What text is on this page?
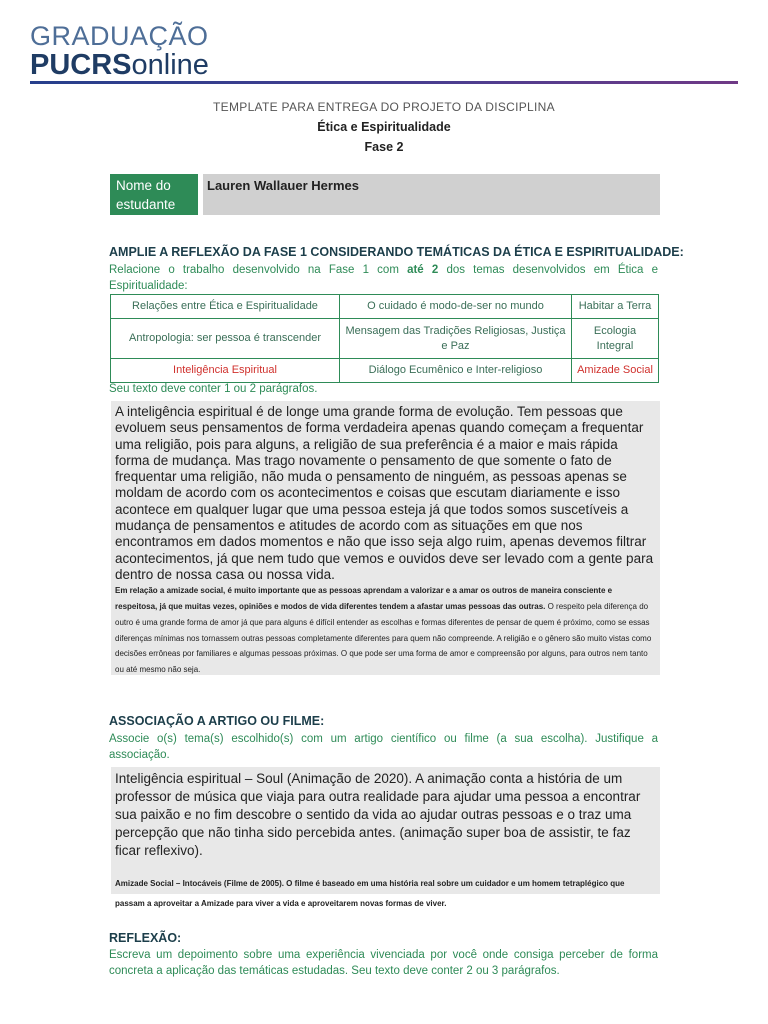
GRADUAÇÃO
PUCRSonline
TEMPLATE PARA ENTREGA DO PROJETO DA DISCIPLINA
Ética e Espiritualidade
Fase 2
Nome do estudante
Lauren Wallauer Hermes
AMPLIE A REFLEXÃO DA FASE 1 CONSIDERANDO TEMÁTICAS DA ÉTICA E ESPIRITUALIDADE:
Relacione o trabalho desenvolvido na Fase 1 com até 2 dos temas desenvolvidos em Ética e Espiritualidade:
Relações entre Ética e Espiritualidade	O cuidado é modo-de-ser no mundo	Habitar a Terra
Antropologia: ser pessoa é transcender	Mensagem das Tradições Religiosas, Justiça e Paz	Ecologia Integral
Inteligência Espiritual	Diálogo Ecumênico e Inter-religioso	Amizade Social
Seu texto deve conter 1 ou 2 parágrafos.
A inteligência espiritual é de longe uma grande forma de evolução. Tem pessoas que evoluem seus pensamentos de forma verdadeira apenas quando começam a frequentar uma religião, pois para alguns, a religião de sua preferência é a maior e mais rápida forma de mudança. Mas trago novamente o pensamento de que somente o fato de frequentar uma religião, não muda o pensamento de ninguém, as pessoas apenas se moldam de acordo com os acontecimentos e coisas que escutam diariamente e isso acontece em qualquer lugar que uma pessoa esteja já que todos somos suscetíveis a mudança de pensamentos e atitudes de acordo com as situações em que nos encontramos em dados momentos e não que isso seja algo ruim, apenas devemos filtrar acontecimentos, já que nem tudo que vemos e ouvidos deve ser levado com a gente para dentro de nossa casa ou nossa vida.
Em relação a amizade social, é muito importante que as pessoas aprendam a valorizar e a amar os outros de maneira consciente e respeitosa, já que muitas vezes, opiniões e modos de vida diferentes tendem a afastar umas pessoas das outras. O respeito pela diferença do outro é uma grande forma de amor já que para alguns é difícil entender as escolhas e formas diferentes de pensar de quem é próximo, como se essas diferenças mínimas nos tornassem outras pessoas completamente diferentes para quem não compreende. A religião e o gênero são muito vistas como decisões errôneas por familiares e algumas pessoas próximas. O que pode ser uma forma de amor e compreensão por alguns, para outros nem tanto ou até mesmo não seja.
ASSOCIAÇÃO A ARTIGO OU FILME:
Associe o(s) tema(s) escolhido(s) com um artigo científico ou filme (a sua escolha). Justifique a associação.
Inteligência espiritual – Soul (Animação de 2020). A animação conta a história de um professor de música que viaja para outra realidade para ajudar uma pessoa a encontrar sua paixão e no fim descobre o sentido da vida ao ajudar outras pessoas e o traz uma percepção que não tinha sido percebida antes. (animação super boa de assistir, te faz ficar reflexivo).
Amizade Social – Intocáveis (Filme de 2005). O filme é baseado em uma história real sobre um cuidador e um homem tetraplégico que passam a aproveitar a Amizade para viver a vida e aproveitarem novas formas de viver.
REFLEXÃO:
Escreva um depoimento sobre uma experiência vivenciada por você onde consiga perceber de forma concreta a aplicação das temáticas estudadas. Seu texto deve conter 2 ou 3 parágrafos.
